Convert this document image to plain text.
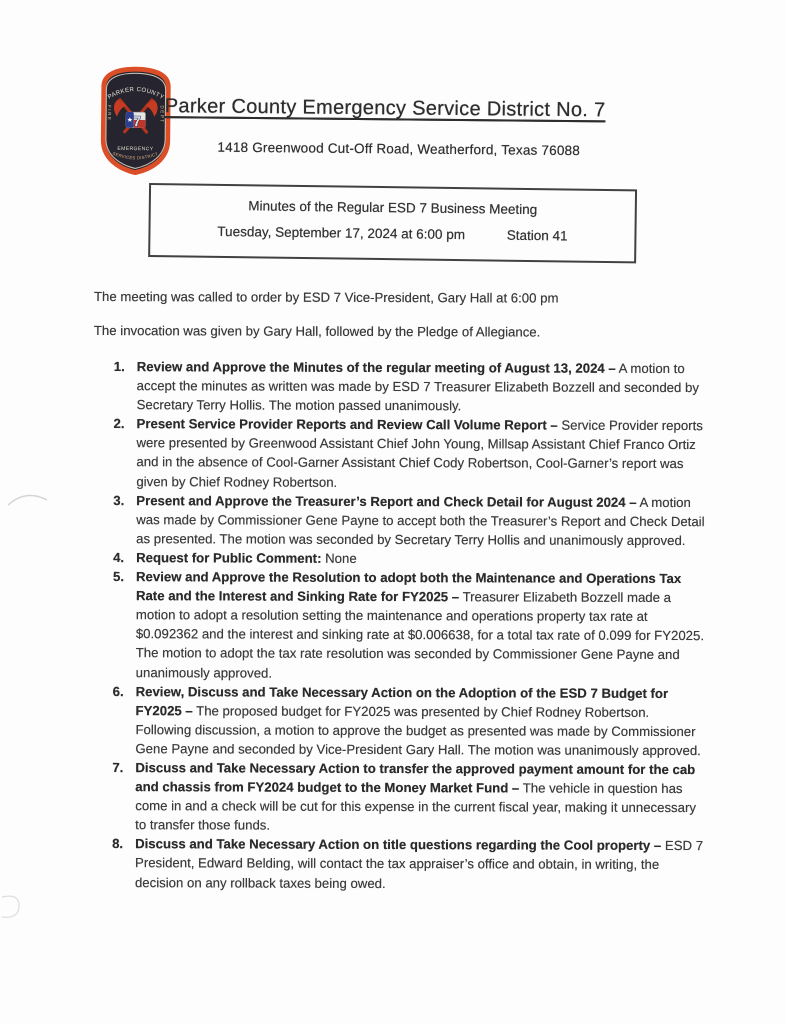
PARKER COUNTY
7
FIRE	DEPT
EMERGENCY
SERVICES DISTRICT
Parker County Emergency Service District No. 7
1418 Greenwood Cut-Off Road, Weatherford, Texas 76088
Minutes of the Regular ESD 7 Business Meeting
Tuesday, September 17, 2024 at 6:00 pm	Station 41

The meeting was called to order by ESD 7 Vice-President, Gary Hall at 6:00 pm

The invocation was given by Gary Hall, followed by the Pledge of Allegiance.

1. Review and Approve the Minutes of the regular meeting of August 13, 2024 – A motion to accept the minutes as written was made by ESD 7 Treasurer Elizabeth Bozzell and seconded by Secretary Terry Hollis. The motion passed unanimously.
2. Present Service Provider Reports and Review Call Volume Report – Service Provider reports were presented by Greenwood Assistant Chief John Young, Millsap Assistant Chief Franco Ortiz and in the absence of Cool-Garner Assistant Chief Cody Robertson, Cool-Garner’s report was given by Chief Rodney Robertson.
3. Present and Approve the Treasurer’s Report and Check Detail for August 2024 – A motion was made by Commissioner Gene Payne to accept both the Treasurer’s Report and Check Detail as presented. The motion was seconded by Secretary Terry Hollis and unanimously approved.
4. Request for Public Comment: None
5. Review and Approve the Resolution to adopt both the Maintenance and Operations Tax Rate and the Interest and Sinking Rate for FY2025 – Treasurer Elizabeth Bozzell made a motion to adopt a resolution setting the maintenance and operations property tax rate at $0.092362 and the interest and sinking rate at $0.006638, for a total tax rate of 0.099 for FY2025. The motion to adopt the tax rate resolution was seconded by Commissioner Gene Payne and unanimously approved.
6. Review, Discuss and Take Necessary Action on the Adoption of the ESD 7 Budget for FY2025 – The proposed budget for FY2025 was presented by Chief Rodney Robertson. Following discussion, a motion to approve the budget as presented was made by Commissioner Gene Payne and seconded by Vice-President Gary Hall. The motion was unanimously approved.
7. Discuss and Take Necessary Action to transfer the approved payment amount for the cab and chassis from FY2024 budget to the Money Market Fund – The vehicle in question has come in and a check will be cut for this expense in the current fiscal year, making it unnecessary to transfer those funds.
8. Discuss and Take Necessary Action on title questions regarding the Cool property – ESD 7 President, Edward Belding, will contact the tax appraiser’s office and obtain, in writing, the decision on any rollback taxes being owed.
